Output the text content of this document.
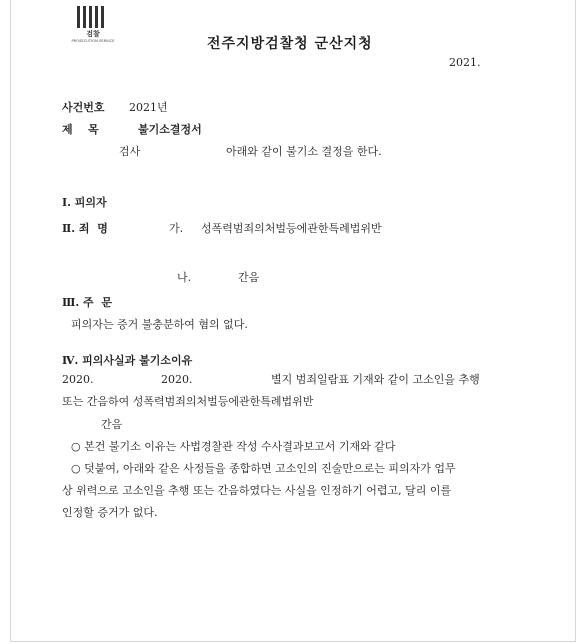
검찰
PROSECUTION SERVICE	전주지방검찰청 군산지청
2021.
사건번호 2021년
제    목	불기소결정서
검사	아래와 같이 불기소 결정을 한다.
Ⅰ. 피의자
Ⅱ. 죄  명	가. 성폭력범죄의처벌등에관한특례법위반
나.	간음
Ⅲ. 주  문
피의자는 증거 불충분하여 혐의 없다.
Ⅳ. 피의사실과 불기소이유
2020.	2020.	별지 범죄일람표 기재와 같이 고소인을 추행
또는 간음하여 성폭력범죄의처벌등에관한특례법위반
간음
○ 본건 불기소 이유는 사법경찰관 작성 수사결과보고서 기재와 같다
○ 덧붙여, 아래와 같은 사정들을 종합하면 고소인의 진술만으로는 피의자가 업무
상 위력으로 고소인을 추행 또는 간음하였다는 사실을 인정하기 어렵고, 달리 이를
인정할 증거가 없다.
